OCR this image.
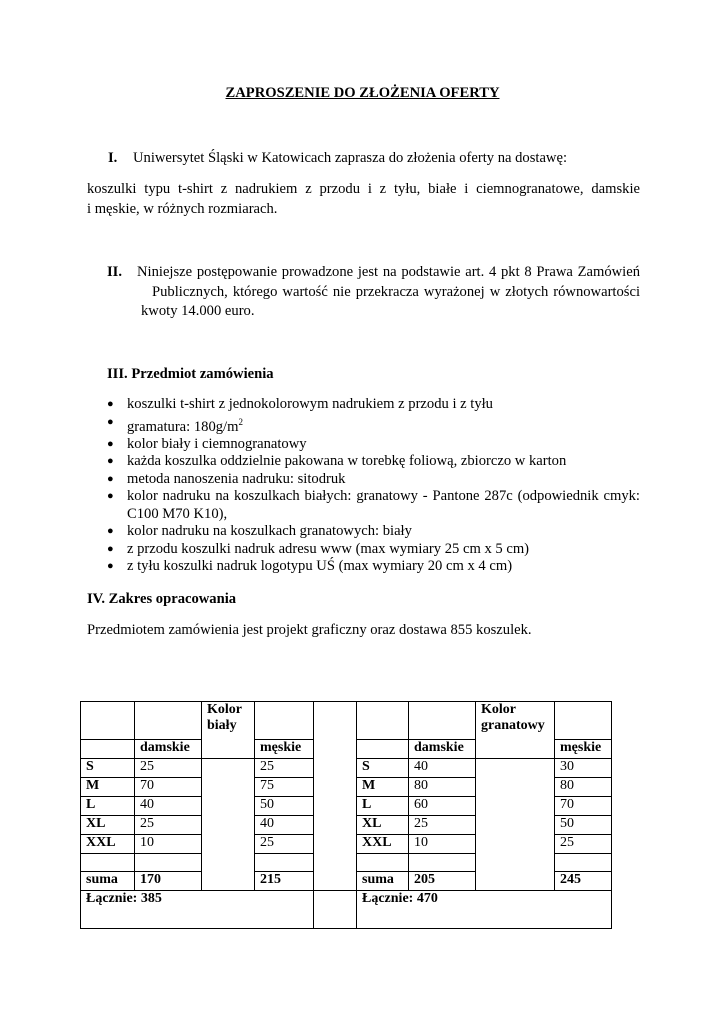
ZAPROSZENIE DO ZŁOŻENIA OFERTY
I. Uniwersytet Śląski w Katowicach zaprasza do złożenia oferty na dostawę:
koszulki typu t-shirt z nadrukiem z przodu i z tyłu, białe i ciemnogranatowe, damskie
i męskie, w różnych rozmiarach.
II. Niniejsze postępowanie prowadzone jest na podstawie art. 4 pkt 8 Prawa Zamówień
Publicznych, którego wartość nie przekracza wyrażonej w złotych równowartości
kwoty 14.000 euro.
III. Przedmiot zamówienia
● koszulki t-shirt z jednokolorowym nadrukiem z przodu i z tyłu
● gramatura: $180g/m^2$
● kolor biały i ciemnogranatowy
● każda koszulka oddzielnie pakowana w torebkę foliową, zbiorczo w karton
● metoda nanoszenia nadruku: sitodruk
● kolor nadruku na koszulkach białych: granatowy - Pantone 287c (odpowiednik cmyk:
C100 M70 K10),
● kolor nadruku na koszulkach granatowych: biały
● z przodu koszulki nadruk adresu www (max wymiary 25 cm x 5 cm)
● z tyłu koszulki nadruk logotypu UŚ (max wymiary 20 cm x 4 cm)
IV. Zakres opracowania
Przedmiotem zamówienia jest projekt graficzny oraz dostawa 855 koszulek.
		Kolor
biały					Kolor
granatowy	
	damskie		męskie			damskie		męskie
S	25		25		S	40		30
M	70		75		M	80		80
L	40		50		L	60		70
XL	25		40		XL	25		50
XXL	10		25		XXL	10		25

suma	170		215		suma	205		245
Łącznie: 385					Łącznie: 470			
